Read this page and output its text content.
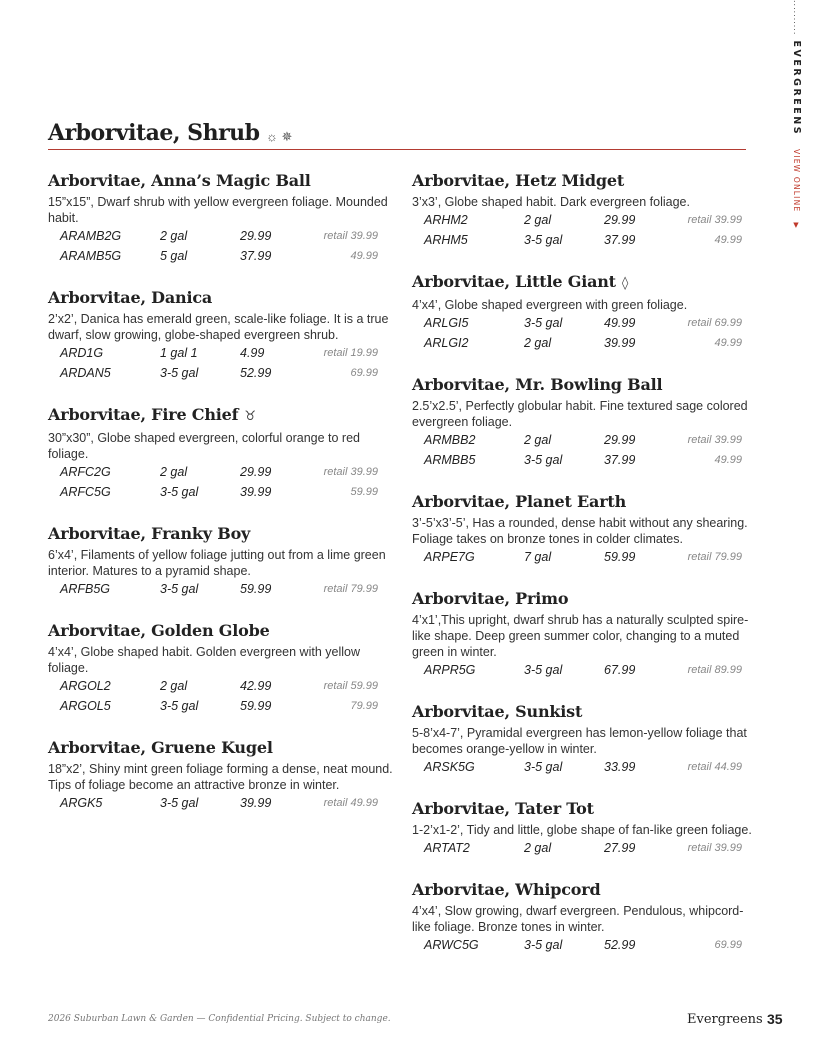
.......... EVERGREENS VIEW ONLINE ▼
Arborvitae, Shrub ☼ ✵
Arborvitae, Anna’s Magic Ball
15”x15”, Dwarf shrub with yellow evergreen foliage. Mounded habit.
ARAMB2G	2 gal	29.99	retail 39.99
ARAMB5G	5 gal	37.99	49.99
Arborvitae, Danica
2’x2’, Danica has emerald green, scale-like foliage. It is a true dwarf, slow growing, globe-shaped evergreen shrub.
ARD1G	1 gal 1	4.99	retail 19.99
ARDAN5	3-5 gal	52.99	69.99
Arborvitae, Fire Chief ♉
30”x30”, Globe shaped evergreen, colorful orange to red foliage.
ARFC2G	2 gal	29.99	retail 39.99
ARFC5G	3-5 gal	39.99	59.99
Arborvitae, Franky Boy
6’x4’, Filaments of yellow foliage jutting out from a lime green interior. Matures to a pyramid shape.
ARFB5G	3-5 gal	59.99	retail 79.99
Arborvitae, Golden Globe
4’x4’, Globe shaped habit. Golden evergreen with yellow foliage.
ARGOL2	2 gal	42.99	retail 59.99
ARGOL5	3-5 gal	59.99	79.99
Arborvitae, Gruene Kugel
18”x2’, Shiny mint green foliage forming a dense, neat mound. Tips of foliage become an attractive bronze in winter.
ARGK5	3-5 gal	39.99	retail 49.99
Arborvitae, Hetz Midget
3’x3’, Globe shaped habit. Dark evergreen foliage.
ARHM2	2 gal	29.99	retail 39.99
ARHM5	3-5 gal	37.99	49.99
Arborvitae, Little Giant ◊
4’x4’, Globe shaped evergreen with green foliage.
ARLGI5	3-5 gal	49.99	retail 69.99
ARLGI2	2 gal	39.99	49.99
Arborvitae, Mr. Bowling Ball
2.5’x2.5’, Perfectly globular habit. Fine textured sage colored evergreen foliage.
ARMBB2	2 gal	29.99	retail 39.99
ARMBB5	3-5 gal	37.99	49.99
Arborvitae, Planet Earth
3’-5’x3’-5’, Has a rounded, dense habit without any shearing. Foliage takes on bronze tones in colder climates.
ARPE7G	7 gal	59.99	retail 79.99
Arborvitae, Primo
4’x1’,This upright, dwarf shrub has a naturally sculpted spire-like shape. Deep green summer color, changing to a muted green in winter.
ARPR5G	3-5 gal	67.99	retail 89.99
Arborvitae, Sunkist
5-8’x4-7’, Pyramidal evergreen has lemon-yellow foliage that becomes orange-yellow in winter.
ARSK5G	3-5 gal	33.99	retail 44.99
Arborvitae, Tater Tot
1-2’x1-2’, Tidy and little, globe shape of fan-like green foliage.
ARTAT2	2 gal	27.99	retail 39.99
Arborvitae, Whipcord
4’x4’, Slow growing, dwarf evergreen. Pendulous, whipcord-like foliage. Bronze tones in winter.
ARWC5G	3-5 gal	52.99	69.99
2026 Suburban Lawn & Garden — Confidential Pricing. Subject to change.	Evergreens 35
